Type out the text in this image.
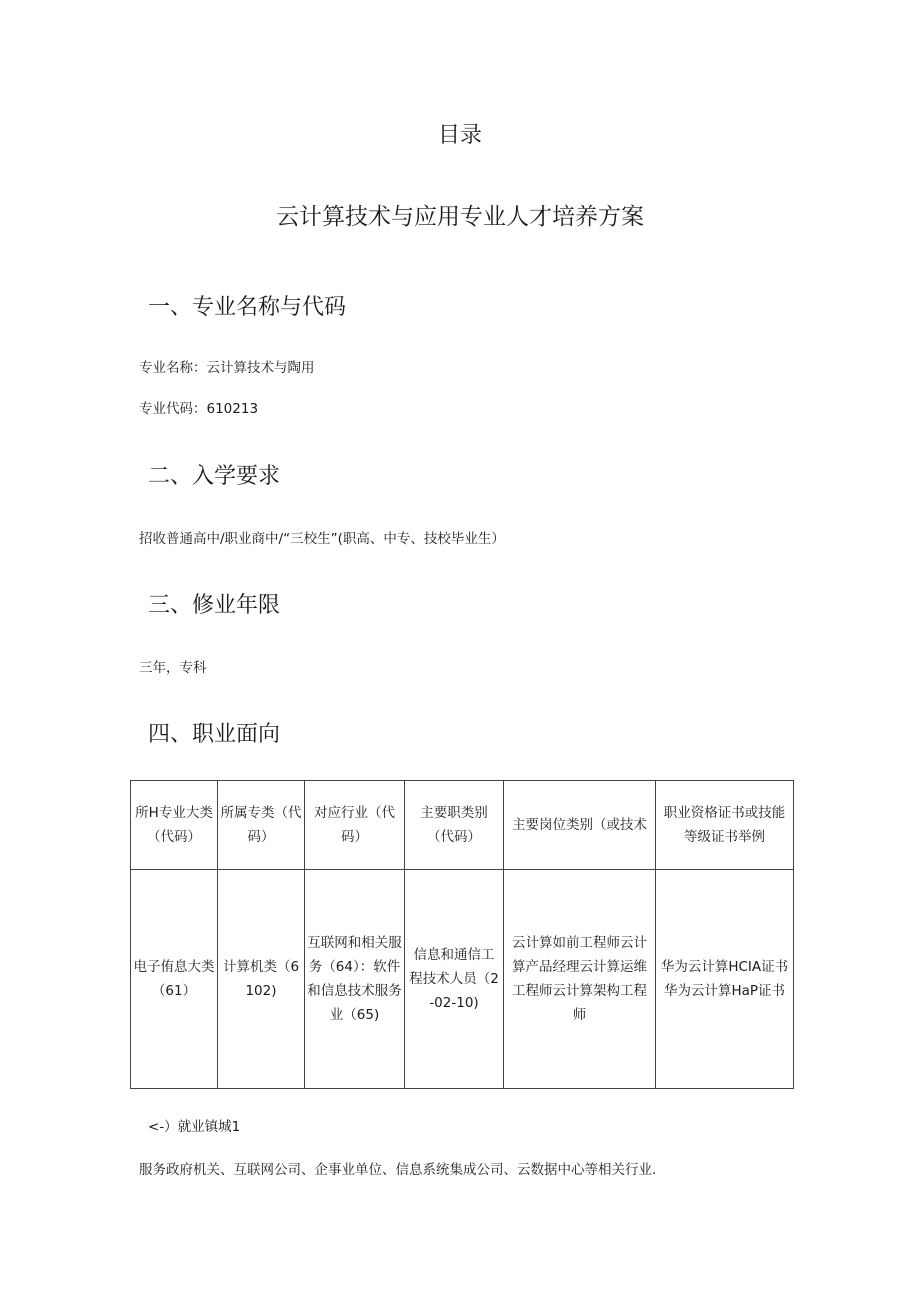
目录
云计算技术与应用专业人才培养方案
一、专业名称与代码
专业名称：云计算技术与陶用
专业代码：610213
二、入学要求
招收普通高中/职业商中/“三校生”(职高、中专、技校毕业生）
三、修业年限
三年，专科
四、职业面向
所H专业大类（代码）	所属专类（代码）	对应行业（代码）	主要职类别（代码）	主要岗位类别（或技术	职业资格证书或技能等级证书举例
电子侑息大类（61）	计算机类（6102)	互联网和相关服务（64）：软件和信息技术服务业（65)	信息和通信工程技术人员（2-02-10)	云计算如前工程师云计算产品经理云计算运维工程师云计算架构工程师	华为云计算HCIA证书华为云计算HaP证书
<-）就业镇城1
服务政府机关、互联网公司、企事业单位、信息系统集成公司、云数据中心等相关行业.
